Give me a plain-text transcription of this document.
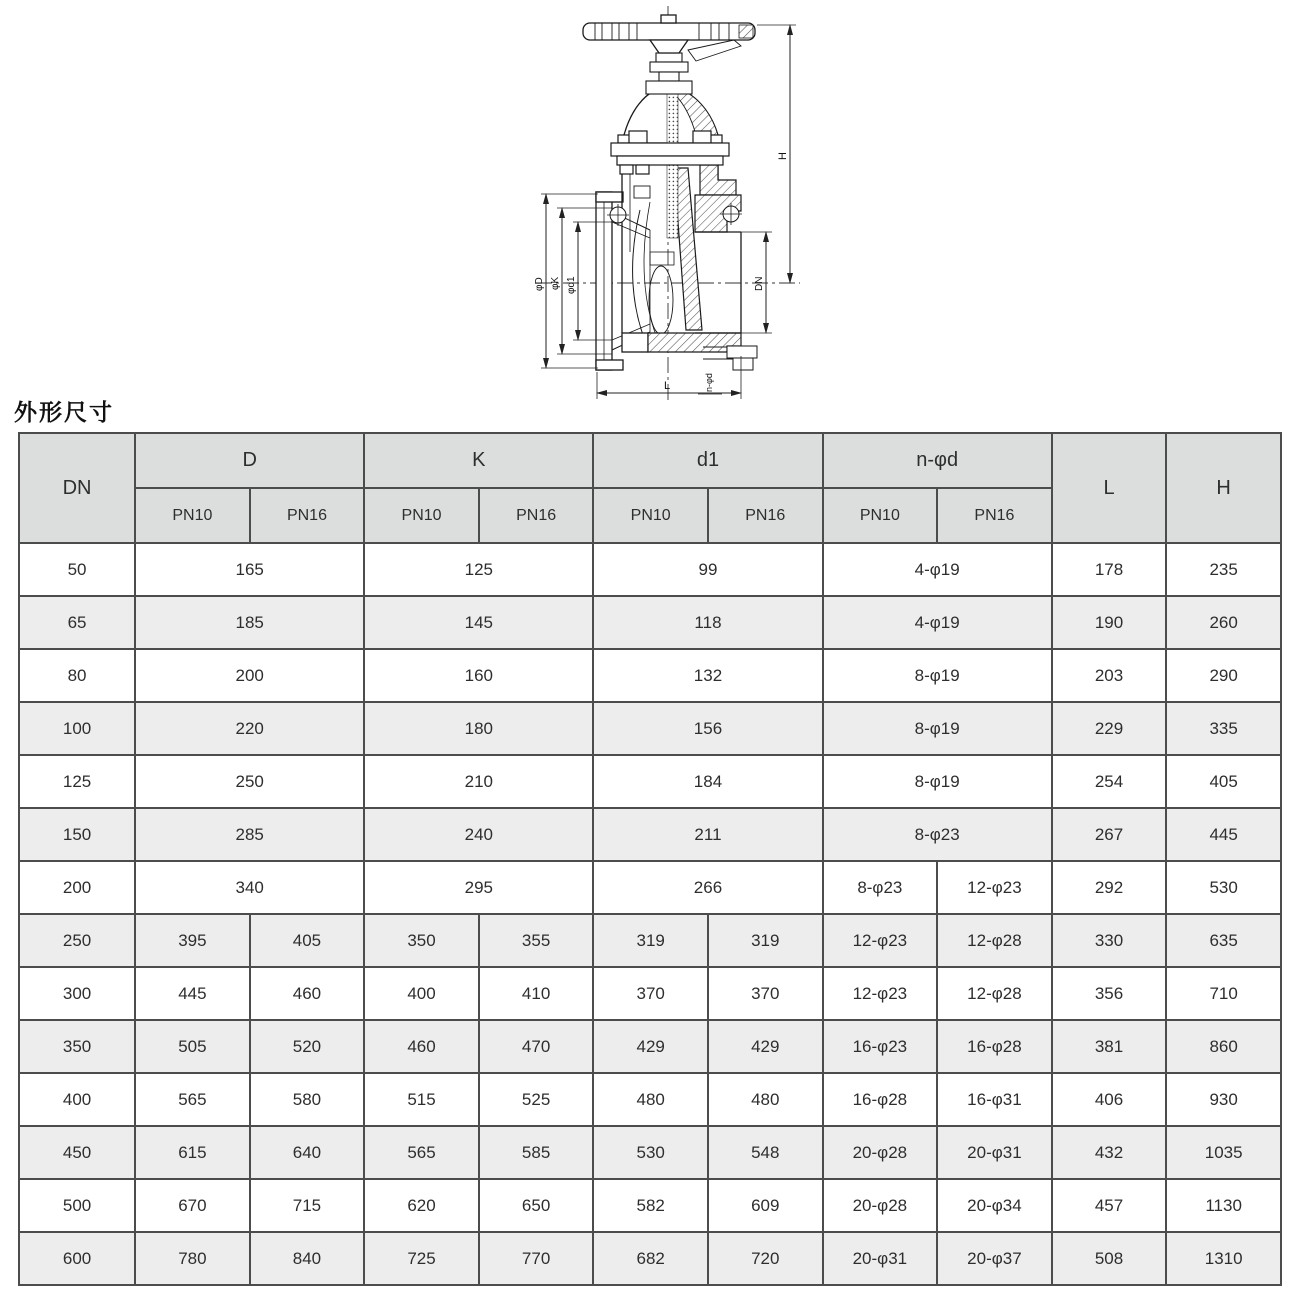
φD φK φd1	DN
H
L	n-φd
外形尺寸
DN	D		K		d1		n-φd		L	H
	PN10	PN16	PN10	PN16	PN10	PN16	PN10	PN16		
50	165		125		99		4-φ19		178	235
65	185		145		118		4-φ19		190	260
80	200		160		132		8-φ19		203	290
100	220		180		156		8-φ19		229	335
125	250		210		184		8-φ19		254	405
150	285		240		211		8-φ23		267	445
200	340		295		266		8-φ23	12-φ23	292	530
250	395	405	350	355	319	319	12-φ23	12-φ28	330	635
300	445	460	400	410	370	370	12-φ23	12-φ28	356	710
350	505	520	460	470	429	429	16-φ23	16-φ28	381	860
400	565	580	515	525	480	480	16-φ28	16-φ31	406	930
450	615	640	565	585	530	548	20-φ28	20-φ31	432	1035
500	670	715	620	650	582	609	20-φ28	20-φ34	457	1130
600	780	840	725	770	682	720	20-φ31	20-φ37	508	1310
